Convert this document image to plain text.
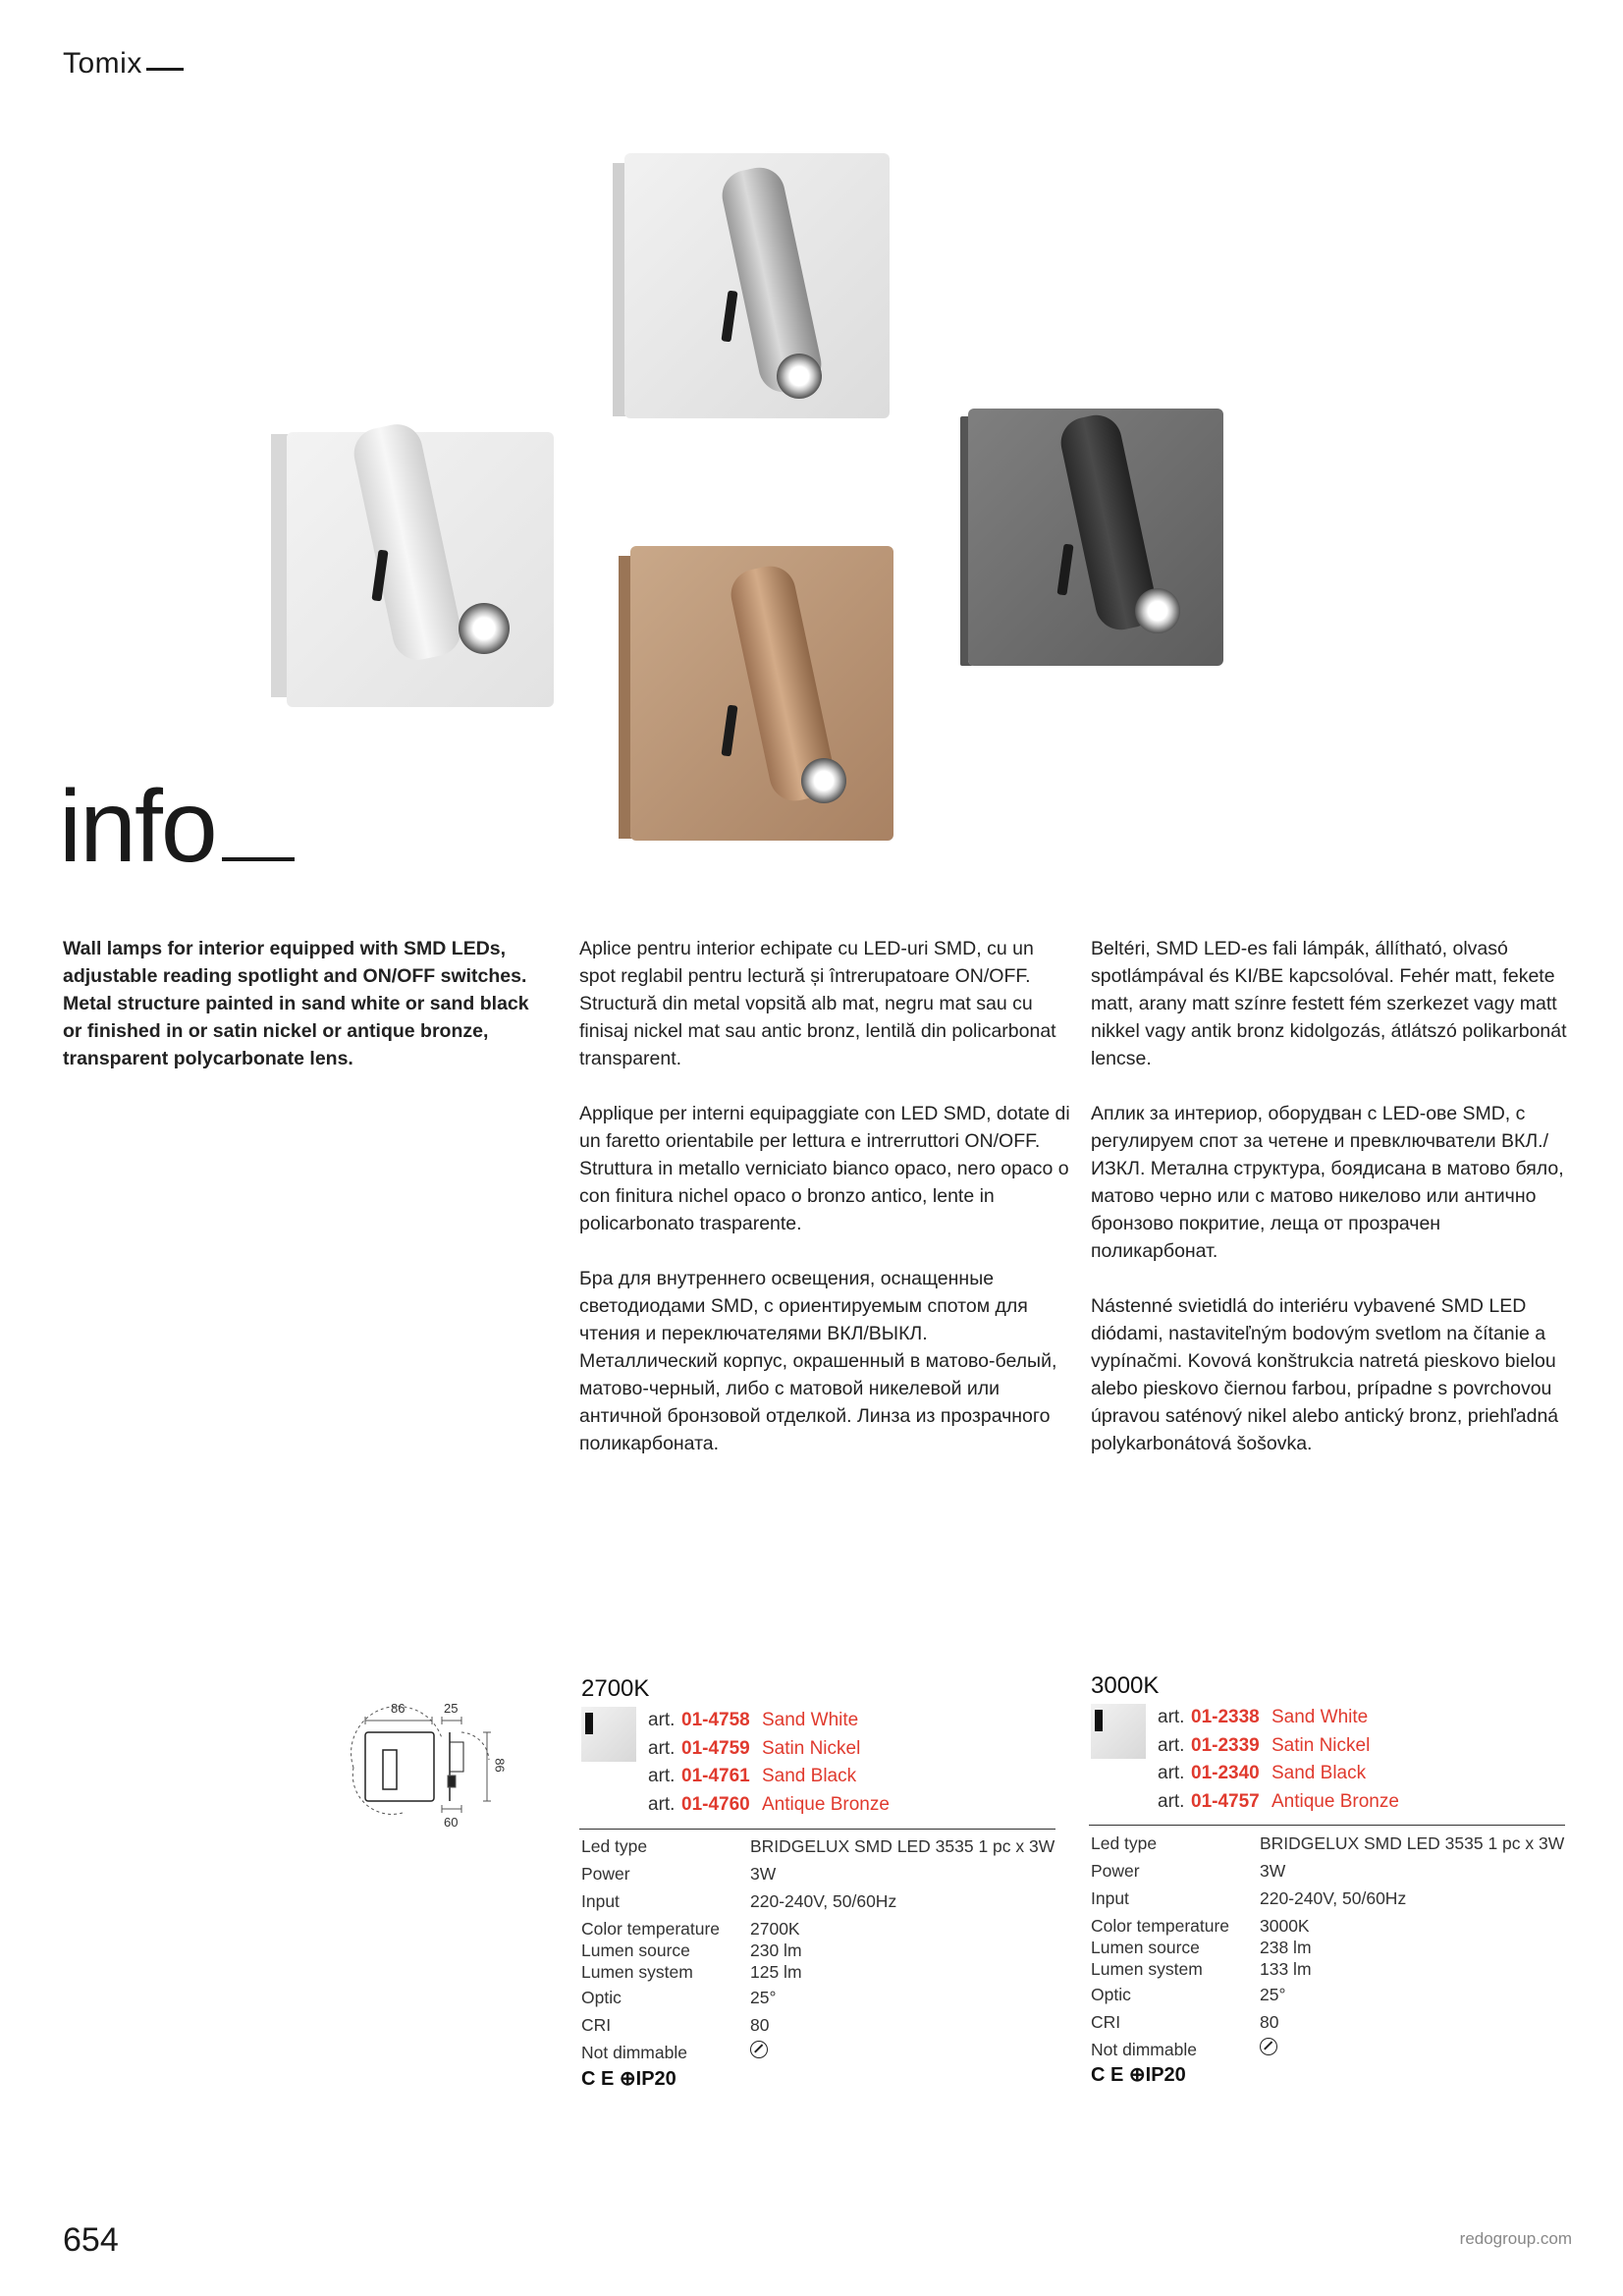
Tomix
info

Wall lamps for interior equipped with SMD LEDs, adjustable reading spotlight and ON/OFF switches. Metal structure painted in sand white or sand black or finished in or satin nickel or antique bronze, transparent polycarbonate lens.

Aplice pentru interior echipate cu LED-uri SMD, cu un spot reglabil pentru lectură și întrerupatoare ON/OFF. Structură din metal vopsită alb mat, negru mat sau cu finisaj nickel mat sau antic bronz, lentilă din policarbonat transparent.

Applique per interni equipaggiate con LED SMD, dotate di un faretto orientabile per lettura e intrerruttori ON/OFF. Struttura in metallo verniciato bianco opaco, nero opaco o con finitura nichel opaco o bronzo antico, lente in policarbonato trasparente.

Бра для внутреннего освещения, оснащенные светодиодами SMD, с ориентируемым спотом для чтения и переключателями ВКЛ/ВЫКЛ. Металлический корпус, окрашенный в матово-белый, матово-черный, либо с матовой никелевой или античной бронзовой отделкой. Линза из прозрачного поликарбоната.

Beltéri, SMD LED-es fali lámpák, állítható, olvasó spotlámpával és KI/BE kapcsolóval. Fehér matt, fekete matt, arany matt színre festett fém szerkezet vagy matt nikkel vagy antik bronz kidolgozás, átlátszó polikarbonát lencse.

Аплик за интериор, оборудван с LED-ове SMD, с регулируем спот за четене и превключватели ВКЛ./ИЗКЛ. Метална структура, боядисана в матово бяло, матово черно или с матово никелово или антично бронзово покритие, леща от прозрачен поликарбонат.

Nástenné svietidlá do interiéru vybavené SMD LED diódami, nastaviteľným bodovým svetlom na čítanie a vypínačmi. Kovová konštrukcia natretá pieskovo bielou alebo pieskovo čiernou farbou, prípadne s povrchovou úpravou saténový nikel alebo antický bronz, priehľadná polykarbonátová šošovka.

86	25
86
60
2700K
art. 01-4758 Sand White
art. 01-4759 Satin Nickel
art. 01-4761 Sand Black
art. 01-4760 Antique Bronze
Led type	BRIDGELUX SMD LED 3535 1 pc x 3W
Power	3W
Input	220-240V, 50/60Hz
Color temperature	2700K
Lumen source	230 lm
Lumen system	125 lm
Optic	25°
CRI	80
Not dimmable
C E ⊕IP20
3000K
art. 01-2338 Sand White
art. 01-2339 Satin Nickel
art. 01-2340 Sand Black
art. 01-4757 Antique Bronze
Led type	BRIDGELUX SMD LED 3535 1 pc x 3W
Power	3W
Input	220-240V, 50/60Hz
Color temperature	3000K
Lumen source	238 lm
Lumen system	133 lm
Optic	25°
CRI	80
Not dimmable
C E ⊕IP20
654	redogroup.com
